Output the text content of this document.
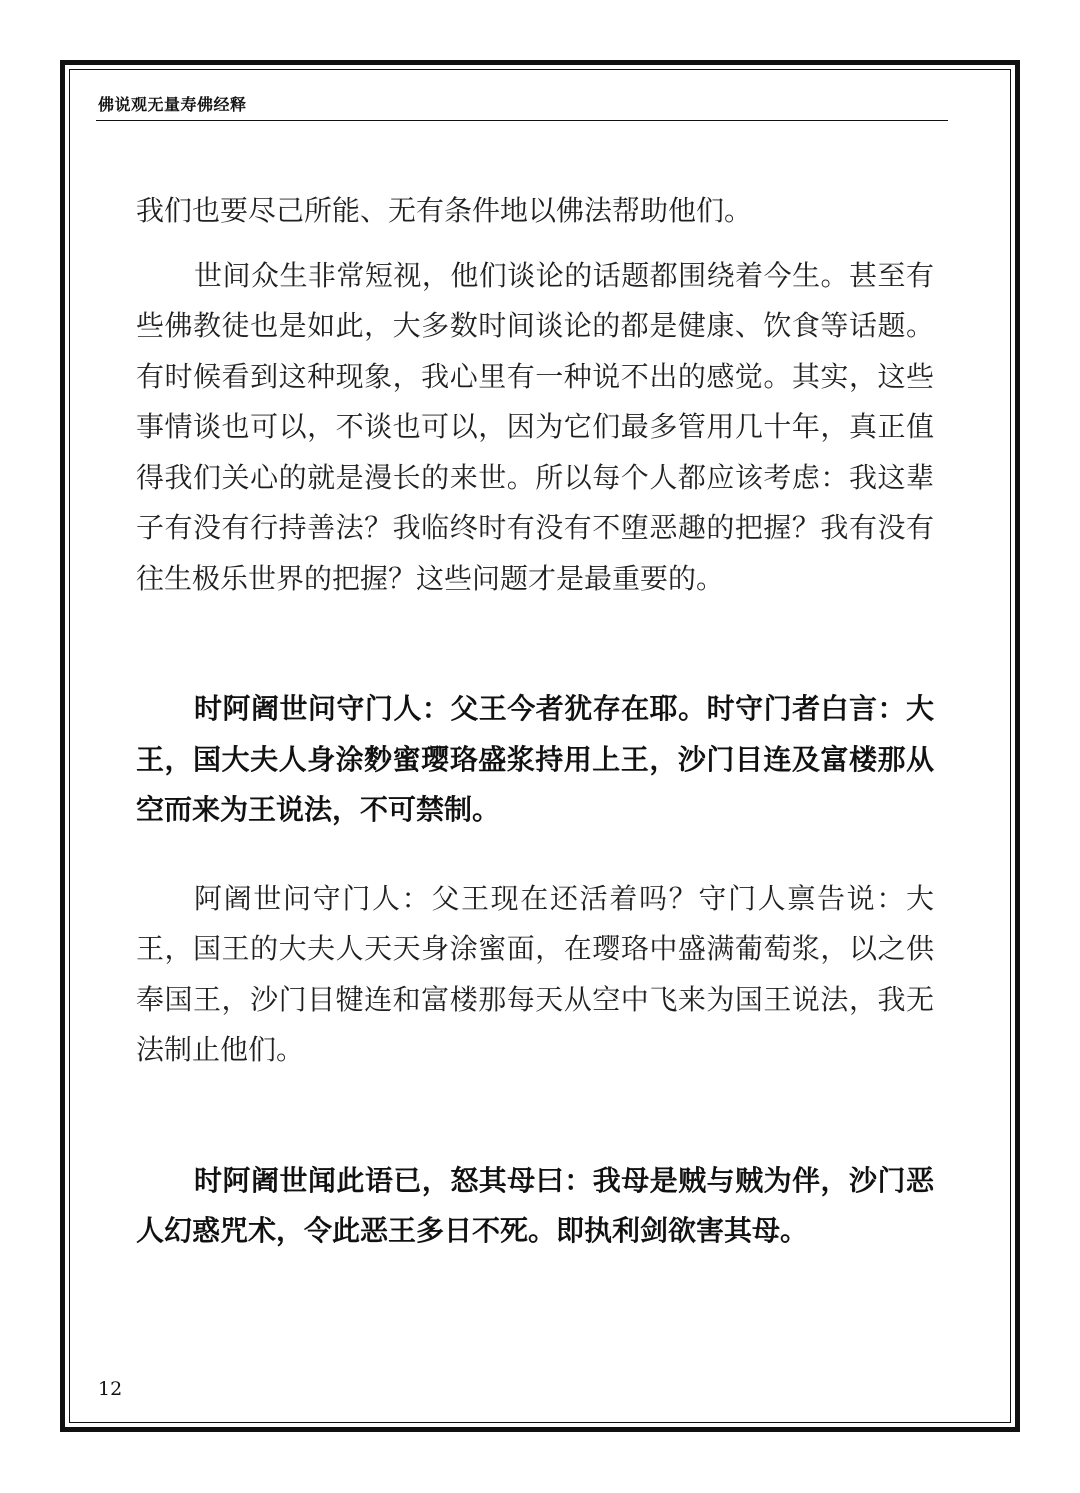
佛说观无量寿佛经释

我们也要尽己所能、无有条件地以佛法帮助他们。

世间众生非常短视，他们谈论的话题都围绕着今生。甚至有些佛教徒也是如此，大多数时间谈论的都是健康、饮食等话题。有时候看到这种现象，我心里有一种说不出的感觉。其实，这些事情谈也可以，不谈也可以，因为它们最多管用几十年，真正值得我们关心的就是漫长的来世。所以每个人都应该考虑：我这辈子有没有行持善法？我临终时有没有不堕恶趣的把握？我有没有往生极乐世界的把握？这些问题才是最重要的。

时阿阇世问守门人：父王今者犹存在耶。时守门者白言：大王，国大夫人身涂麨蜜璎珞盛浆持用上王，沙门目连及富楼那从空而来为王说法，不可禁制。

阿阇世问守门人：父王现在还活着吗？守门人禀告说：大王，国王的大夫人天天身涂蜜面，在璎珞中盛满葡萄浆，以之供奉国王，沙门目犍连和富楼那每天从空中飞来为国王说法，我无法制止他们。

时阿阇世闻此语已，怒其母曰：我母是贼与贼为伴，沙门恶人幻惑咒术，令此恶王多日不死。即执利剑欲害其母。

12
